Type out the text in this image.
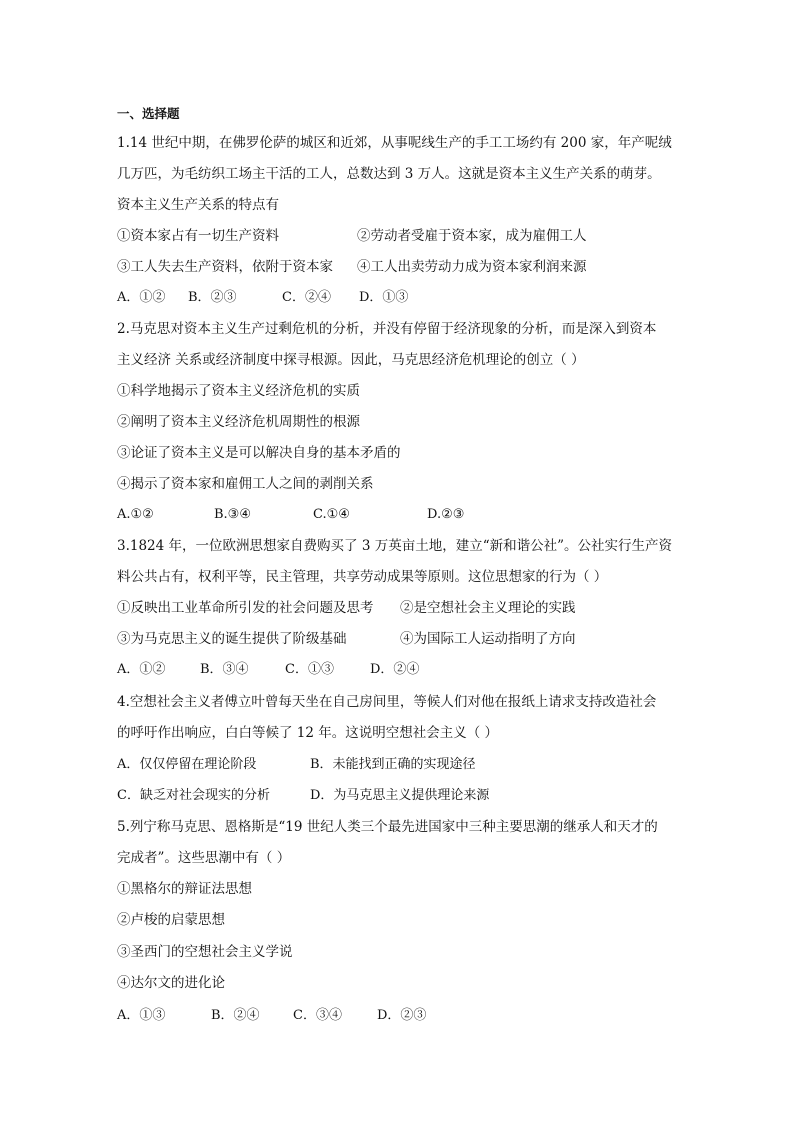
一、选择题
1.14 世纪中期，在佛罗伦萨的城区和近郊，从事呢线生产的手工工场约有 200 家，年产呢绒
几万匹，为毛纺织工场主干活的工人，总数达到 3 万人。这就是资本主义生产关系的萌芽。
资本主义生产关系的特点有
①资本家占有一切生产资料	②劳动者受雇于资本家，成为雇佣工人
③工人失去生产资料，依附于资本家 ④工人出卖劳动力成为资本家利润来源
A．①② B．②③	C．②④ D．①③
2.马克思对资本主义生产过剩危机的分析，并没有停留于经济现象的分析，而是深入到资本
主义经济 关系或经济制度中探寻根源。因此，马克思经济危机理论的创立（ ）
①科学地揭示了资本主义经济危机的实质
②阐明了资本主义经济危机周期性的根源
③论证了资本主义是可以解决自身的基本矛盾的
④揭示了资本家和雇佣工人之间的剥削关系
A.①②	B.③④	C.①④	D.②③
3.1824 年，一位欧洲思想家自费购买了 3 万英亩土地，建立“新和谐公社”。公社实行生产资
料公共占有，权利平等，民主管理，共享劳动成果等原则。这位思想家的行为（ ）
①反映出工业革命所引发的社会问题及思考 ②是空想社会主义理论的实践
③为马克思主义的诞生提供了阶级基础	④为国际工人运动指明了方向
A．①②	B．③④	C．①③	D．②④
4.空想社会主义者傅立叶曾每天坐在自己房间里，等候人们对他在报纸上请求支持改造社会
的呼吁作出响应，白白等候了 12 年。这说明空想社会主义（ ）
A．仅仅停留在理论阶段	B．未能找到正确的实现途径
C．缺乏对社会现实的分析	D．为马克思主义提供理论来源
5.列宁称马克思、恩格斯是“19 世纪人类三个最先进国家中三种主要思潮的继承人和天才的
完成者”。这些思潮中有（ ）
①黑格尔的辩证法思想
②卢梭的启蒙思想
③圣西门的空想社会主义学说
④达尔文的进化论
A．①③	B．②④	C．③④	D．②③
